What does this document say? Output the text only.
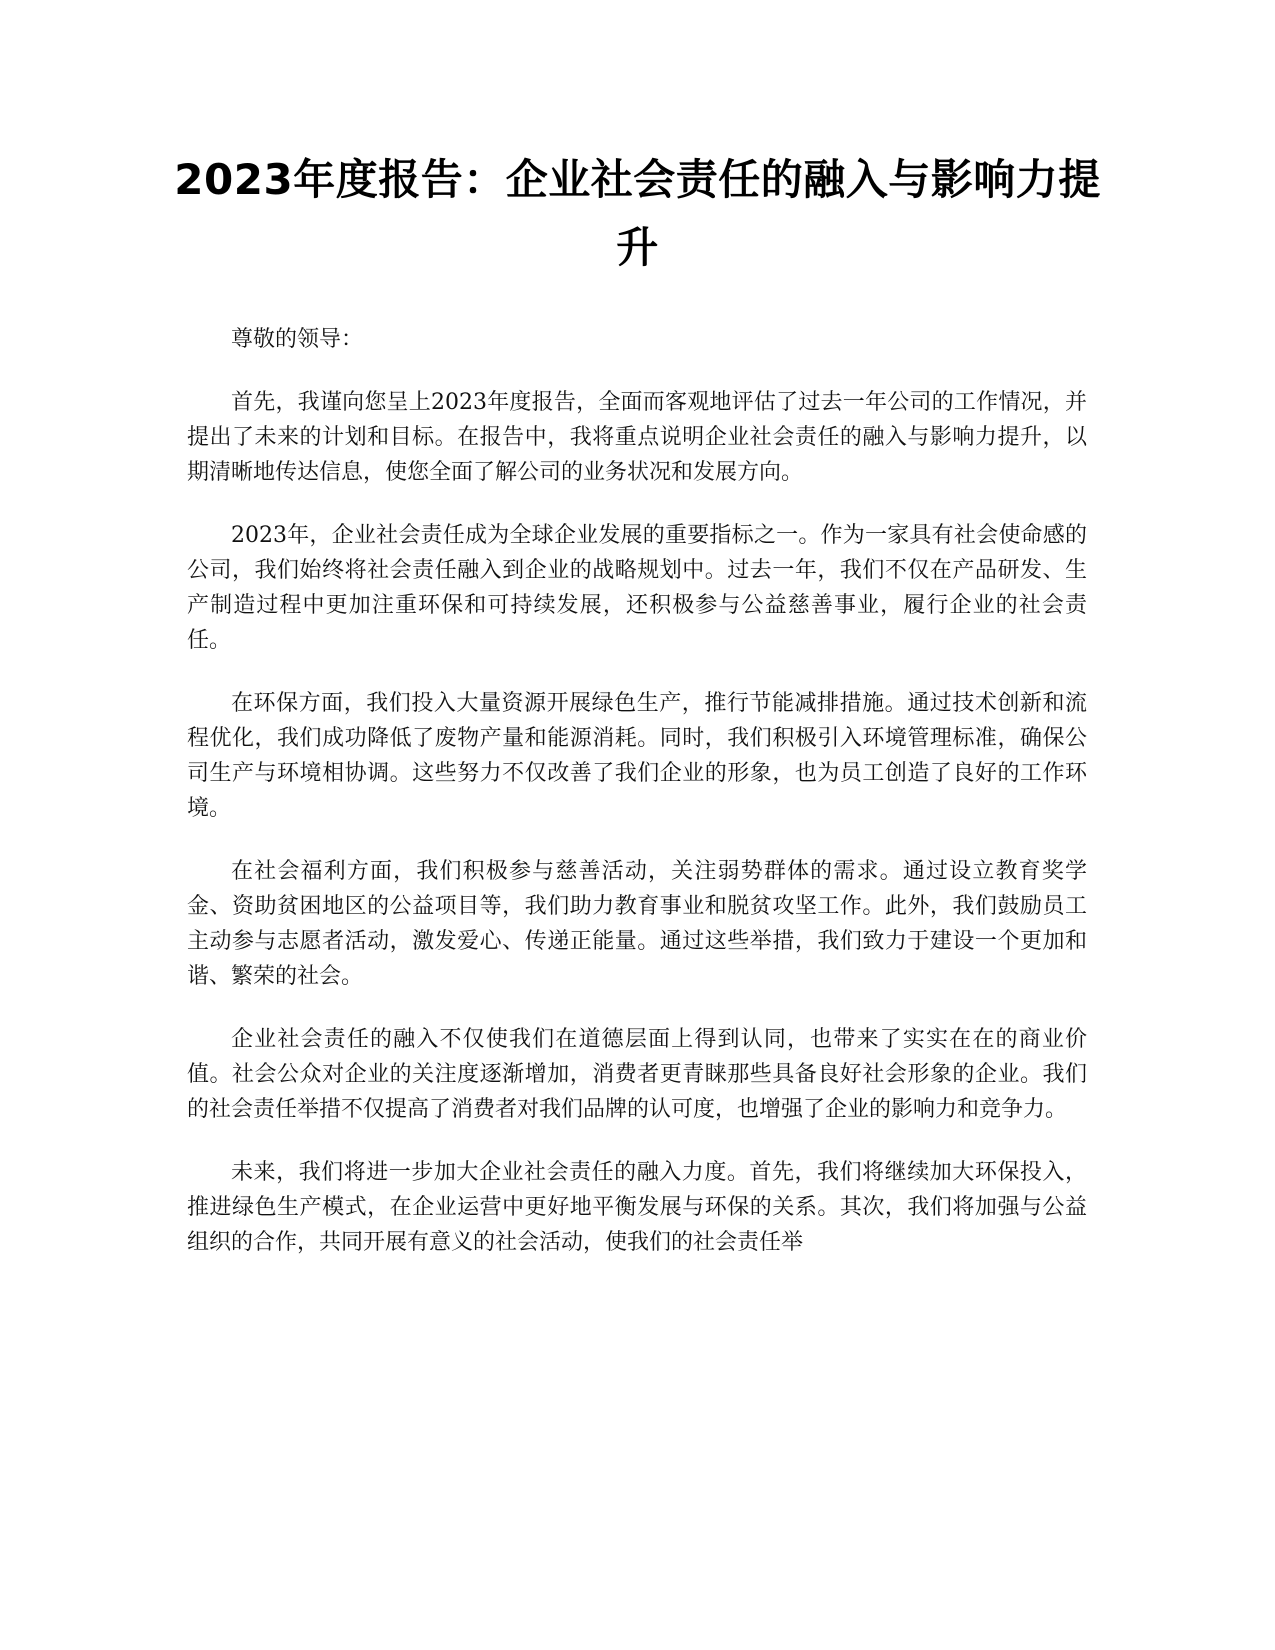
2023年度报告：企业社会责任的融入与影响力提升

尊敬的领导：

首先，我谨向您呈上2023年度报告，全面而客观地评估了过去一年公司的工作情况，并提出了未来的计划和目标。在报告中，我将重点说明企业社会责任的融入与影响力提升，以期清晰地传达信息，使您全面了解公司的业务状况和发展方向。

2023年，企业社会责任成为全球企业发展的重要指标之一。作为一家具有社会使命感的公司，我们始终将社会责任融入到企业的战略规划中。过去一年，我们不仅在产品研发、生产制造过程中更加注重环保和可持续发展，还积极参与公益慈善事业，履行企业的社会责任。

在环保方面，我们投入大量资源开展绿色生产，推行节能减排措施。通过技术创新和流程优化，我们成功降低了废物产量和能源消耗。同时，我们积极引入环境管理标准，确保公司生产与环境相协调。这些努力不仅改善了我们企业的形象，也为员工创造了良好的工作环境。

在社会福利方面，我们积极参与慈善活动，关注弱势群体的需求。通过设立教育奖学金、资助贫困地区的公益项目等，我们助力教育事业和脱贫攻坚工作。此外，我们鼓励员工主动参与志愿者活动，激发爱心、传递正能量。通过这些举措，我们致力于建设一个更加和谐、繁荣的社会。

企业社会责任的融入不仅使我们在道德层面上得到认同，也带来了实实在在的商业价值。社会公众对企业的关注度逐渐增加，消费者更青睐那些具备良好社会形象的企业。我们的社会责任举措不仅提高了消费者对我们品牌的认可度，也增强了企业的影响力和竞争力。

未来，我们将进一步加大企业社会责任的融入力度。首先，我们将继续加大环保投入，推进绿色生产模式，在企业运营中更好地平衡发展与环保的关系。其次，我们将加强与公益组织的合作，共同开展有意义的社会活动，使我们的社会责任举
